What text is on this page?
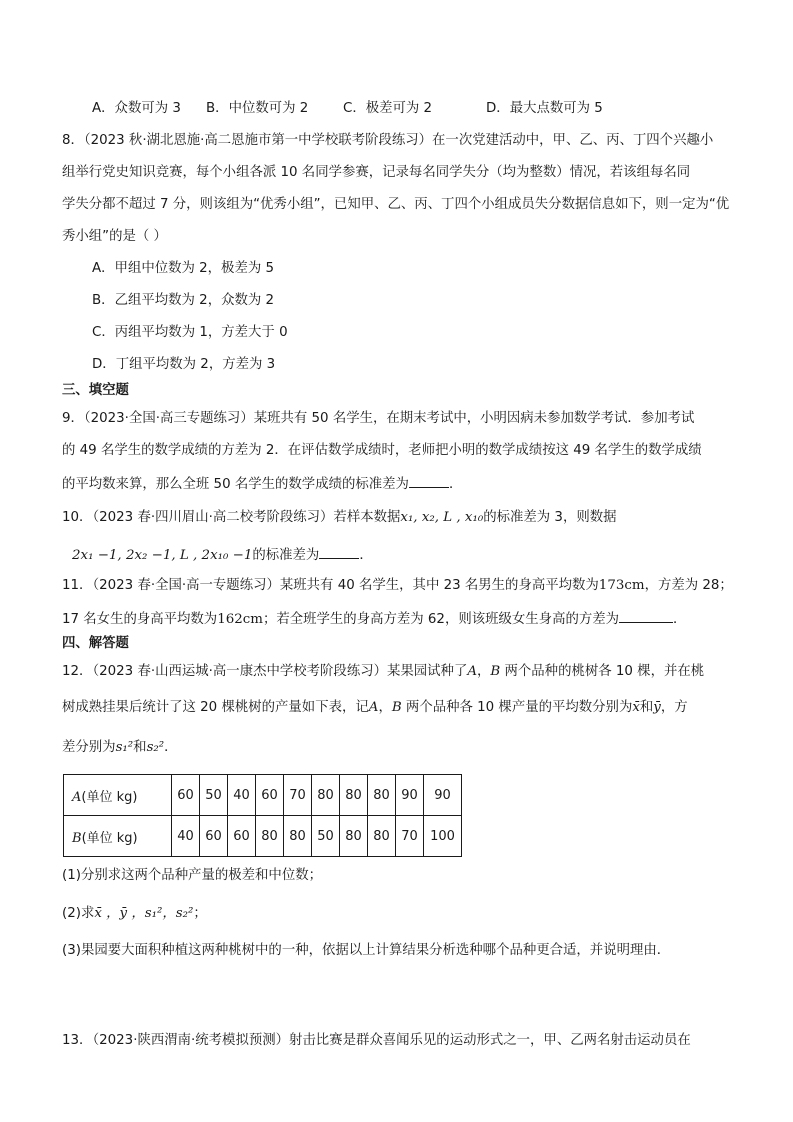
A．众数可为 3 B．中位数可为 2	C．极差可为 2	D．最大点数可为 5
8．（2023 秋·湖北恩施·高二恩施市第一中学校联考阶段练习）在一次党建活动中，甲、乙、丙、丁四个兴趣小
组举行党史知识竞赛，每个小组各派 10 名同学参赛，记录每名同学失分（均为整数）情况，若该组每名同
学失分都不超过 7 分，则该组为“优秀小组”，已知甲、乙、丙、丁四个小组成员失分数据信息如下，则一定为“优
秀小组”的是（ ）
A．甲组中位数为 2，极差为 5
B．乙组平均数为 2，众数为 2
C．丙组平均数为 1，方差大于 0
D．丁组平均数为 2，方差为 3
三、填空题
9．（2023·全国·高三专题练习）某班共有 50 名学生，在期末考试中，小明因病未参加数学考试．参加考试
的 49 名学生的数学成绩的方差为 2．在评估数学成绩时，老师把小明的数学成绩按这 49 名学生的数学成绩
的平均数来算，那么全班 50 名学生的数学成绩的标准差为	．
10．（2023 春·四川眉山·高二校考阶段练习）若样本数据x₁, x₂, L , x₁₀的标准差为 3，则数据
2x₁ −1, 2x₂ −1, L , 2x₁₀ −1的标准差为	．
11．（2023 春·全国·高一专题练习）某班共有 40 名学生，其中 23 名男生的身高平均数为173cm，方差为 28；
17 名女生的身高平均数为162cm；若全班学生的身高方差为 62，则该班级女生身高的方差为	．
四、解答题
12．（2023 春·山西运城·高一康杰中学校考阶段练习）某果园试种了A，B 两个品种的桃树各 10 棵，并在桃
树成熟挂果后统计了这 20 棵桃树的产量如下表，记A，B 两个品种各 10 棵产量的平均数分别为x̄和ȳ，方
差分别为s₁²和s₂²．
A(单位 kg)	60	50	40	60	70	80	80	80	90	90
B(单位 kg)	40	60	60	80	80	50	80	80	70	100
(1)分别求这两个品种产量的极差和中位数；
(2)求x̄ ，ȳ ，s₁²，s₂²；
(3)果园要大面积种植这两种桃树中的一种，依据以上计算结果分析选种哪个品种更合适，并说明理由．
13．（2023·陕西渭南·统考模拟预测）射击比赛是群众喜闻乐见的运动形式之一，甲、乙两名射击运动员在
